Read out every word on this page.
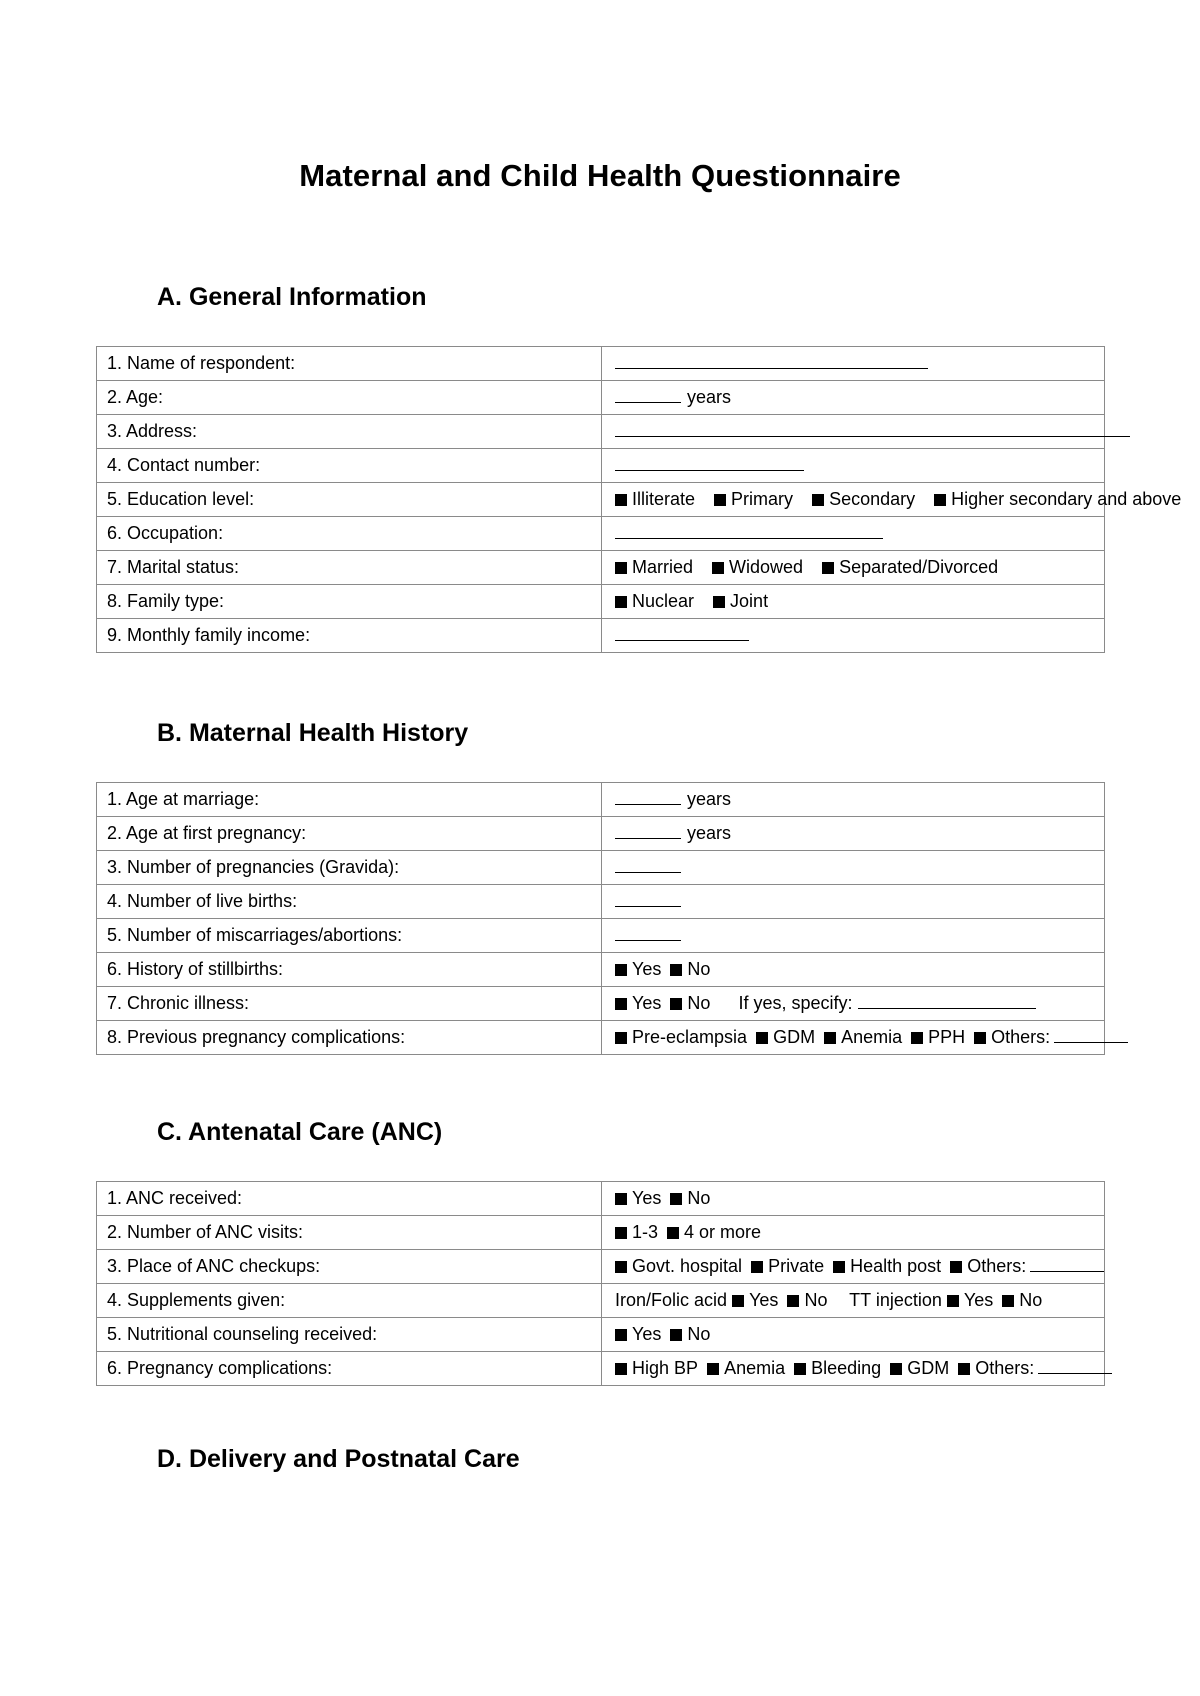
Maternal and Child Health Questionnaire
A. General Information
1. Name of respondent:	
2. Age:	years
3. Address:	
4. Contact number:	
5. Education level:	Illiterate Primary Secondary Higher secondary and above
6. Occupation:	
7. Marital status:	Married Widowed Separated/Divorced
8. Family type:	Nuclear Joint
9. Monthly family income:	
B. Maternal Health History
1. Age at marriage:	years
2. Age at first pregnancy:	years
3. Number of pregnancies (Gravida):	
4. Number of live births:	
5. Number of miscarriages/abortions:	
6. History of stillbirths:	Yes No
7. Chronic illness:	Yes No If yes, specify:
8. Previous pregnancy complications:	Pre-eclampsia GDM Anemia PPH Others:
C. Antenatal Care (ANC)
1. ANC received:	Yes No
2. Number of ANC visits:	1-3 4 or more
3. Place of ANC checkups:	Govt. hospital Private Health post Others:
4. Supplements given:	Iron/Folic acid Yes No TT injection Yes No
5. Nutritional counseling received:	Yes No
6. Pregnancy complications:	High BP Anemia Bleeding GDM Others:
D. Delivery and Postnatal Care
